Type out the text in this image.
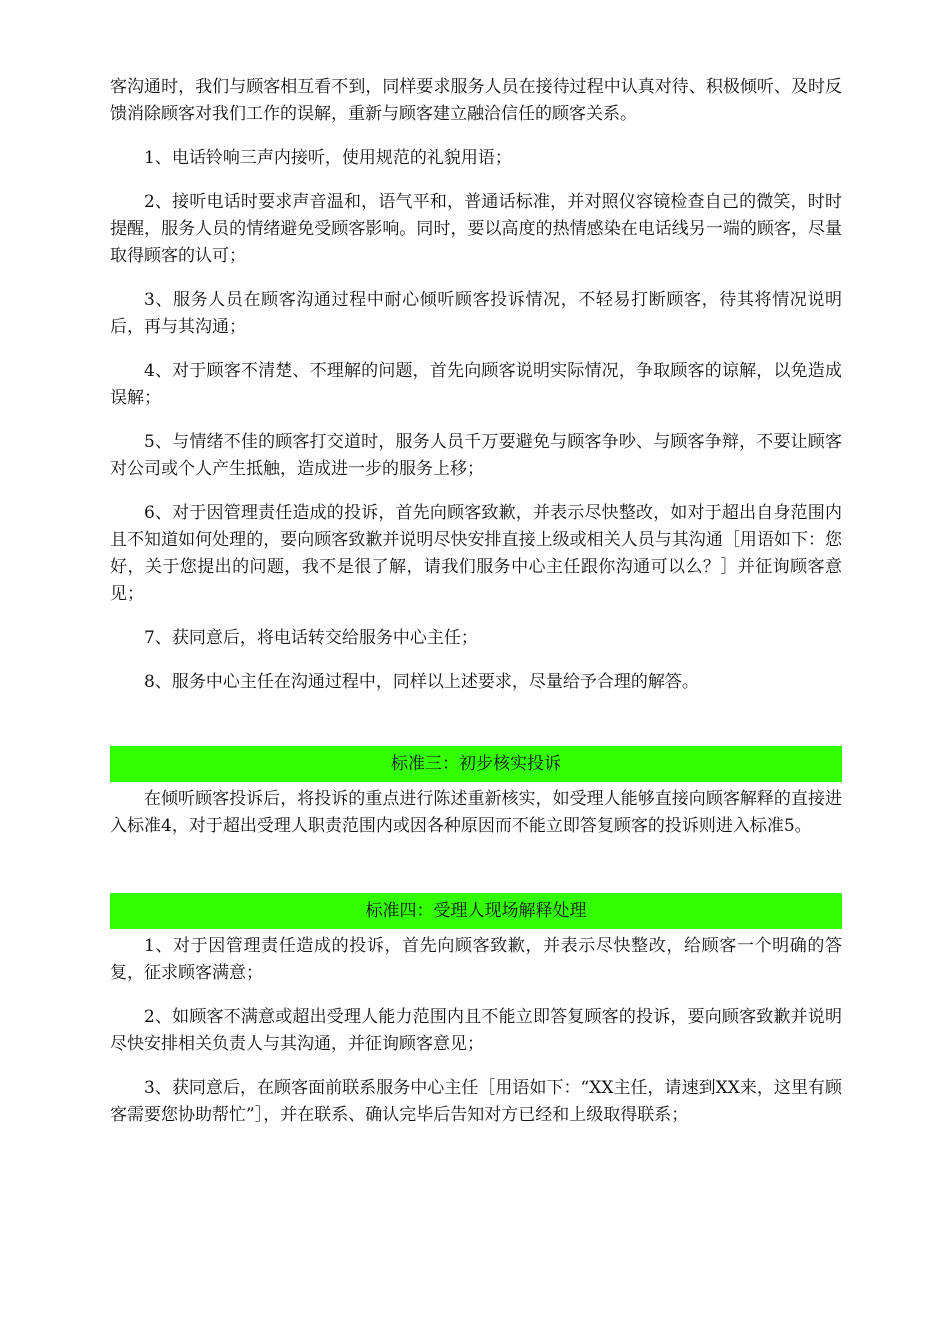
客沟通时，我们与顾客相互看不到，同样要求服务人员在接待过程中认真对待、积极倾听、及时反馈消除顾客对我们工作的误解，重新与顾客建立融洽信任的顾客关系。

1、电话铃响三声内接听，使用规范的礼貌用语；

2、接听电话时要求声音温和，语气平和，普通话标准，并对照仪容镜检查自己的微笑，时时提醒，服务人员的情绪避免受顾客影响。同时，要以高度的热情感染在电话线另一端的顾客，尽量取得顾客的认可；

3、服务人员在顾客沟通过程中耐心倾听顾客投诉情况，不轻易打断顾客，待其将情况说明后，再与其沟通；

4、对于顾客不清楚、不理解的问题，首先向顾客说明实际情况，争取顾客的谅解，以免造成误解；

5、与情绪不佳的顾客打交道时，服务人员千万要避免与顾客争吵、与顾客争辩，不要让顾客对公司或个人产生抵触，造成进一步的服务上移；

6、对于因管理责任造成的投诉，首先向顾客致歉，并表示尽快整改，如对于超出自身范围内且不知道如何处理的，要向顾客致歉并说明尽快安排直接上级或相关人员与其沟通［用语如下：您好，关于您提出的问题，我不是很了解，请我们服务中心主任跟你沟通可以么？］并征询顾客意见；

7、获同意后，将电话转交给服务中心主任；

8、服务中心主任在沟通过程中，同样以上述要求，尽量给予合理的解答。

标准三：初步核实投诉

在倾听顾客投诉后，将投诉的重点进行陈述重新核实，如受理人能够直接向顾客解释的直接进入标准4，对于超出受理人职责范围内或因各种原因而不能立即答复顾客的投诉则进入标准5。

标准四：受理人现场解释处理

1、对于因管理责任造成的投诉，首先向顾客致歉，并表示尽快整改，给顾客一个明确的答复，征求顾客满意；

2、如顾客不满意或超出受理人能力范围内且不能立即答复顾客的投诉，要向顾客致歉并说明尽快安排相关负责人与其沟通，并征询顾客意见；

3、获同意后，在顾客面前联系服务中心主任［用语如下：“XX主任，请速到XX来，这里有顾客需要您协助帮忙”］，并在联系、确认完毕后告知对方已经和上级取得联系；
